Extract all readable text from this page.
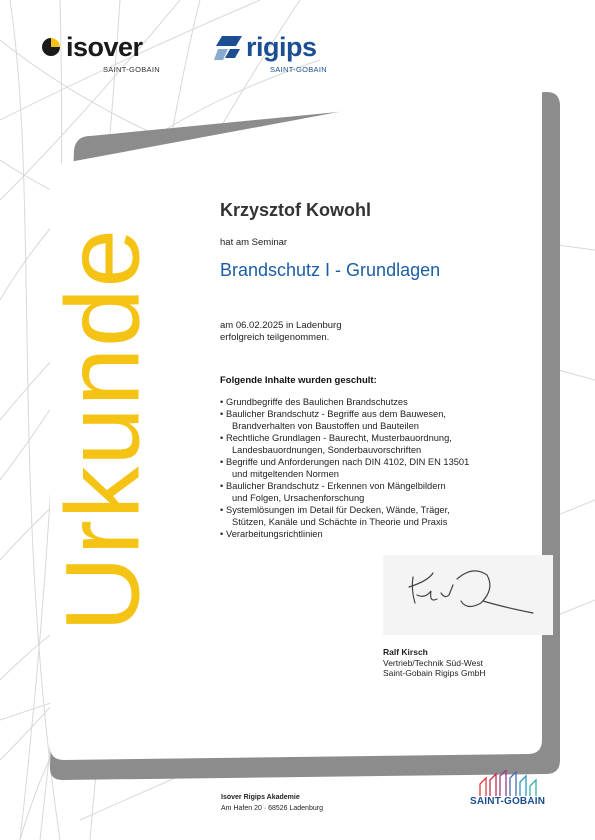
isover
SAINT-GOBAIN
rigips
SAINT-GOBAIN
Urkunde
Krzysztof Kowohl
hat am Seminar
Brandschutz I - Grundlagen
am 06.02.2025 in Ladenburg
erfolgreich teilgenommen.
Folgende Inhalte wurden geschult:
• Grundbegriffe des Baulichen Brandschutzes
• Baulicher Brandschutz - Begriffe aus dem Bauwesen,
Brandverhalten von Baustoffen und Bauteilen
• Rechtliche Grundlagen - Baurecht, Musterbauordnung,
Landesbauordnungen, Sonderbauvorschriften
• Begriffe und Anforderungen nach DIN 4102, DIN EN 13501
und mitgeltenden Normen
• Baulicher Brandschutz - Erkennen von Mängelbildern
und Folgen, Ursachenforschung
• Systemlösungen im Detail für Decken, Wände, Träger,
Stützen, Kanäle und Schächte in Theorie und Praxis
• Verarbeitungsrichtlinien
Ralf Kirsch
Vertrieb/Technik Süd-West
Saint-Gobain Rigips GmbH
Isover Rigips Akademie
Am Hafen 20 · 68526 Ladenburg
SAINT-GOBAIN
